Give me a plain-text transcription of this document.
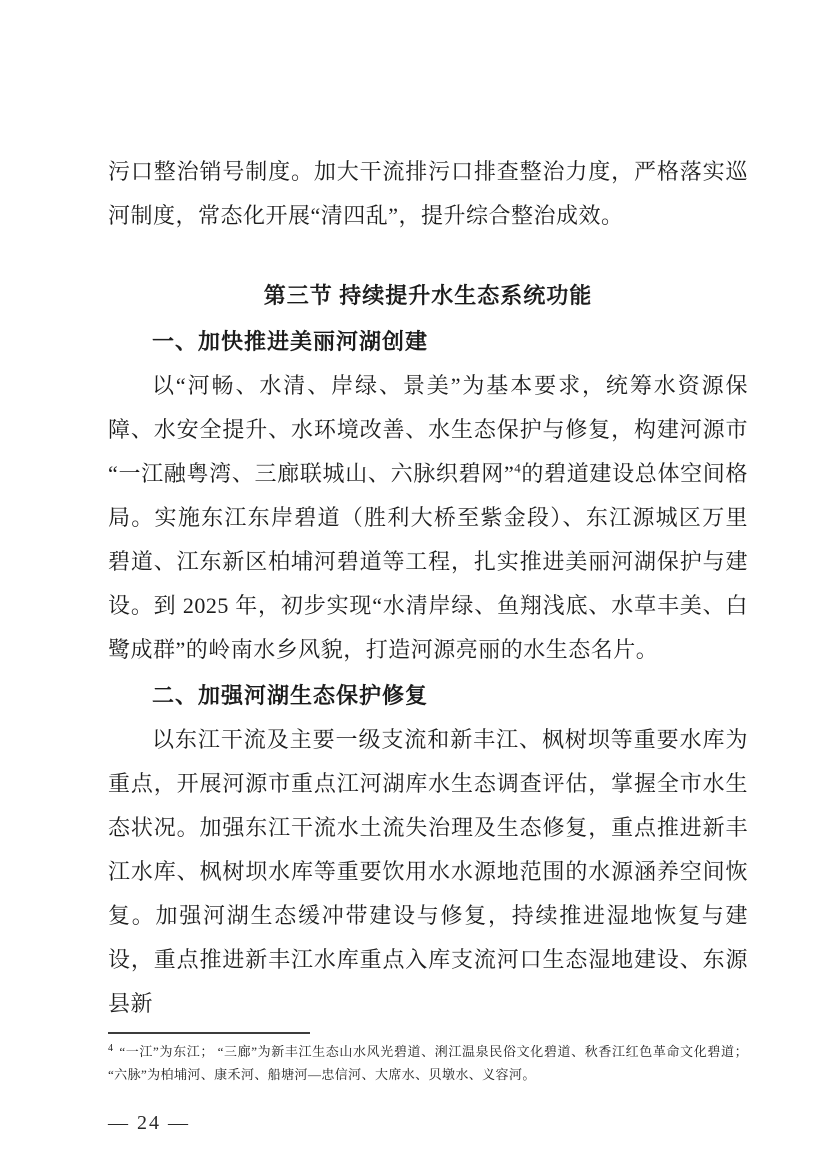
污口整治销号制度。加大干流排污口排查整治力度，严格落实巡河制度，常态化开展“清四乱”，提升综合整治成效。

第三节 持续提升水生态系统功能
一、加快推进美丽河湖创建

以“河畅、水清、岸绿、景美”为基本要求，统筹水资源保障、水安全提升、水环境改善、水生态保护与修复，构建河源市“一江融粤湾、三廊联城山、六脉织碧网”$^4$的碧道建设总体空间格局。实施东江东岸碧道（胜利大桥至紫金段）、东江源城区万里碧道、江东新区柏埔河碧道等工程，扎实推进美丽河湖保护与建设。到 2025 年，初步实现“水清岸绿、鱼翔浅底、水草丰美、白鹭成群”的岭南水乡风貌，打造河源亮丽的水生态名片。

二、加强河湖生态保护修复

以东江干流及主要一级支流和新丰江、枫树坝等重要水库为重点，开展河源市重点江河湖库水生态调查评估，掌握全市水生态状况。加强东江干流水土流失治理及生态修复，重点推进新丰江水库、枫树坝水库等重要饮用水水源地范围的水源涵养空间恢复。加强河湖生态缓冲带建设与修复，持续推进湿地恢复与建设，重点推进新丰江水库重点入库支流河口生态湿地建设、东源县新

$^4$ “一江”为东江； “三廊”为新丰江生态山水风光碧道、浰江温泉民俗文化碧道、秋香江红色革命文化碧道；“六脉”为柏埔河、康禾河、船塘河—忠信河、大席水、贝墩水、义容河。

— 24 —
